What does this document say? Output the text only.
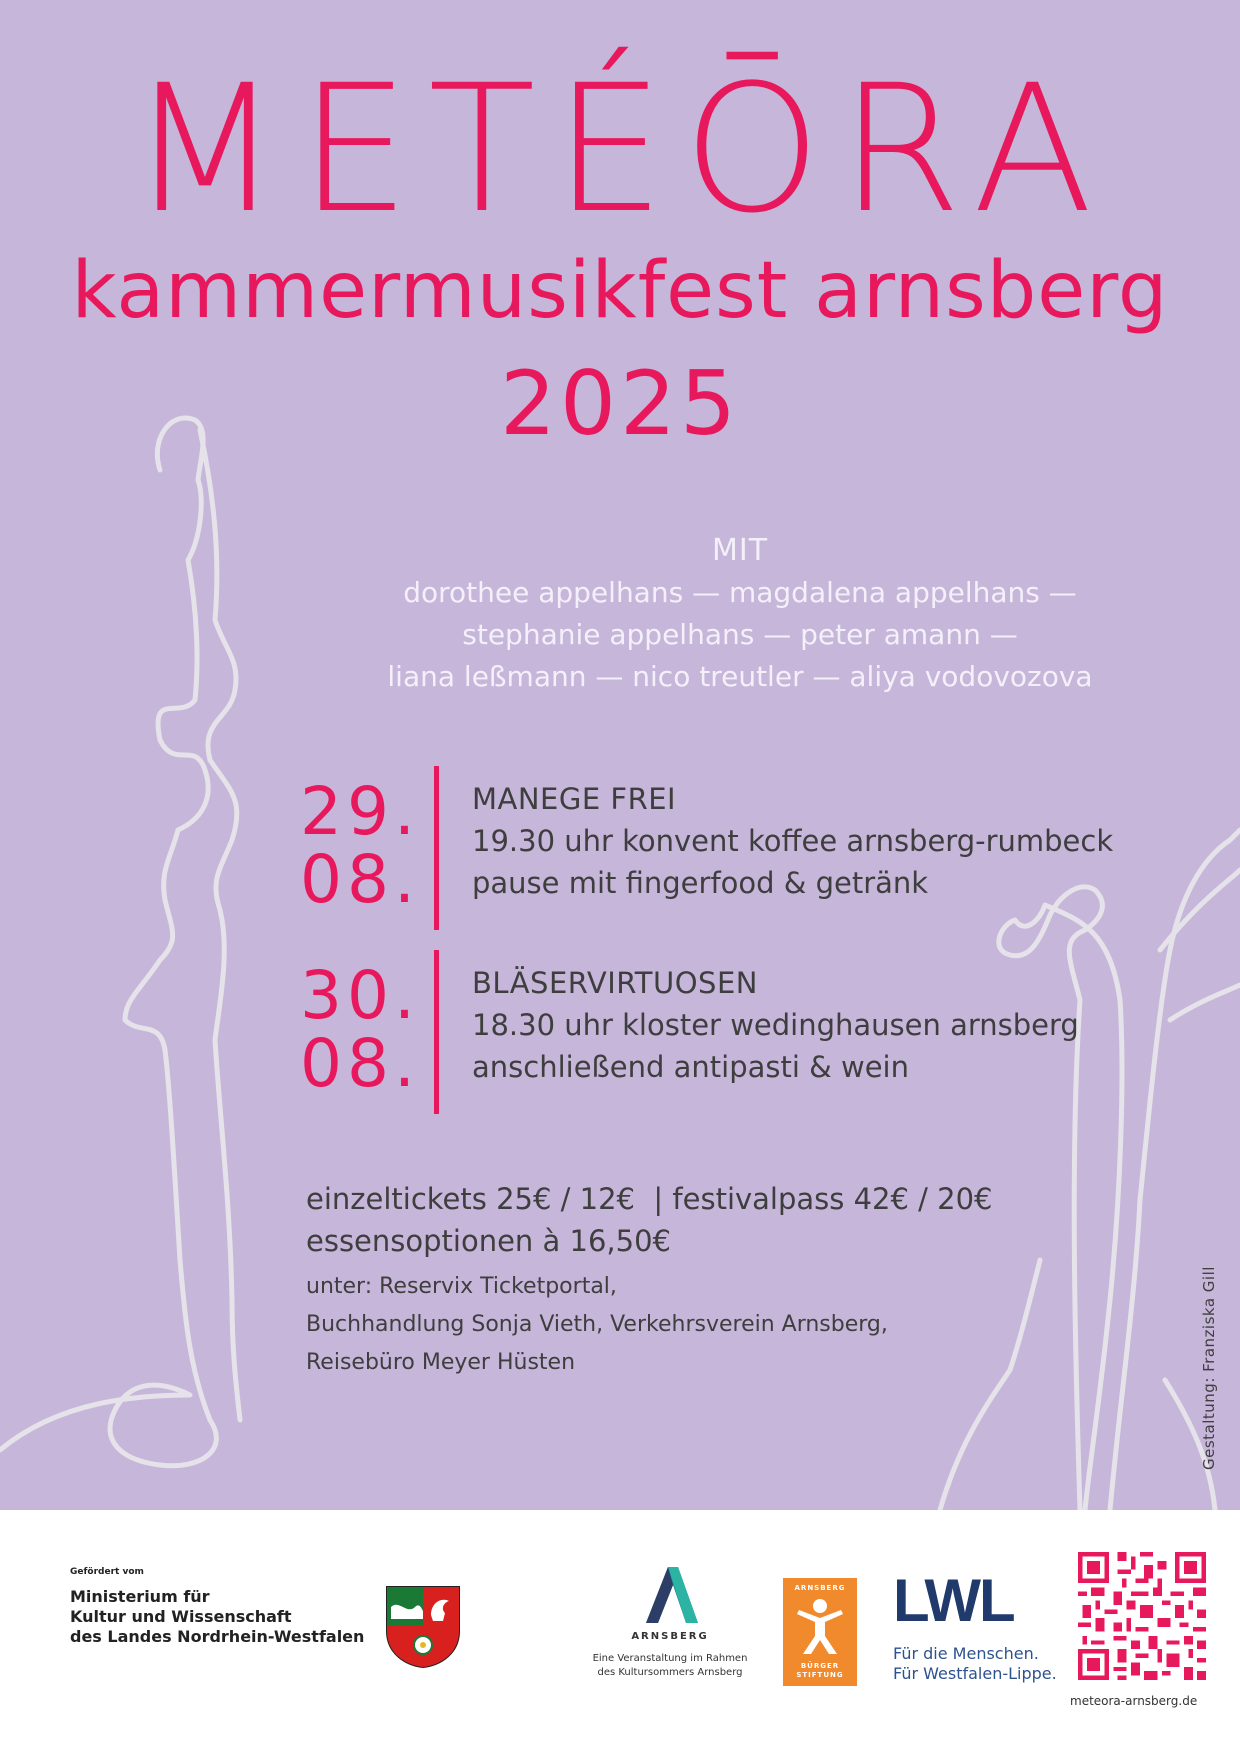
METÉŌRA
kammermusikfest arnsberg
2025
MIT
dorothee appelhans — magdalena appelhans —
stephanie appelhans — peter amann —
liana leßmann — nico treutler — aliya vodovozova
29.
08.
MANEGE FREI
19.30 uhr konvent koffee arnsberg-rumbeck
pause mit fingerfood & getränk
30.
08.
BLÄSERVIRTUOSEN
18.30 uhr kloster wedinghausen arnsberg
anschließend antipasti & wein
einzeltickets 25€ / 12€  | festivalpass 42€ / 20€
essensoptionen à 16,50€
unter: Reservix Ticketportal,
Buchhandlung Sonja Vieth, Verkehrsverein Arnsberg,
Reisebüro Meyer Hüsten	Gestaltung: Franziska Gill
Gefördert vom
Ministerium für
Kultur und Wissenschaft
des Landes Nordrhein-Westfalen	ARNSBERG
Eine Veranstaltung im Rahmen
des Kultursommers Arnsberg
ARNSBERG
BÜRGER
STIFTUNG
LWL
Für die Menschen.
Für Westfalen-Lippe.
meteora-arnsberg.de
